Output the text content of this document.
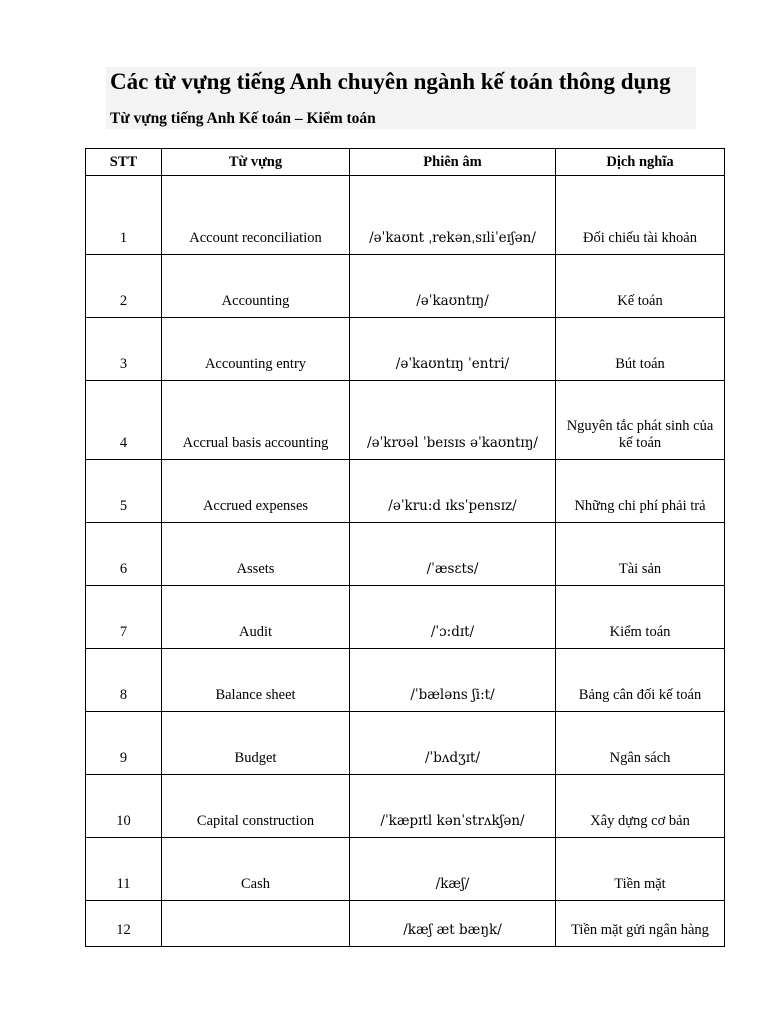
Các từ vựng tiếng Anh chuyên ngành kế toán thông dụng
Từ vựng tiếng Anh Kế toán – Kiểm toán
STT	Từ vựng	Phiên âm	Dịch nghĩa
1	Account reconciliation	/əˈkaʊnt ˌrekənˌsɪliˈeɪʃən/	Đối chiếu tài khoản
2	Accounting	/əˈkaʊntɪŋ/	Kế toán
3	Accounting entry	/əˈkaʊntɪŋ ˈentri/	Bút toán
4	Accrual basis accounting	/əˈkrʊəl ˈbeɪsɪs əˈkaʊntɪŋ/	Nguyên tắc phát sinh của kế toán
5	Accrued expenses	/əˈkru:d ɪksˈpensɪz/	Những chi phí phải trả
6	Assets	/ˈæsɛts/	Tài sản
7	Audit	/ˈɔ:dɪt/	Kiểm toán
8	Balance sheet	/ˈbæləns ʃi:t/	Bảng cân đối kế toán
9	Budget	/ˈbʌdʒɪt/	Ngân sách
10	Capital construction	/ˈkæpɪtl kənˈstrʌkʃən/	Xây dựng cơ bản
11	Cash	/kæʃ/	Tiền mặt
12		/kæʃ æt bæŋk/	Tiền mặt gửi ngân hàng
